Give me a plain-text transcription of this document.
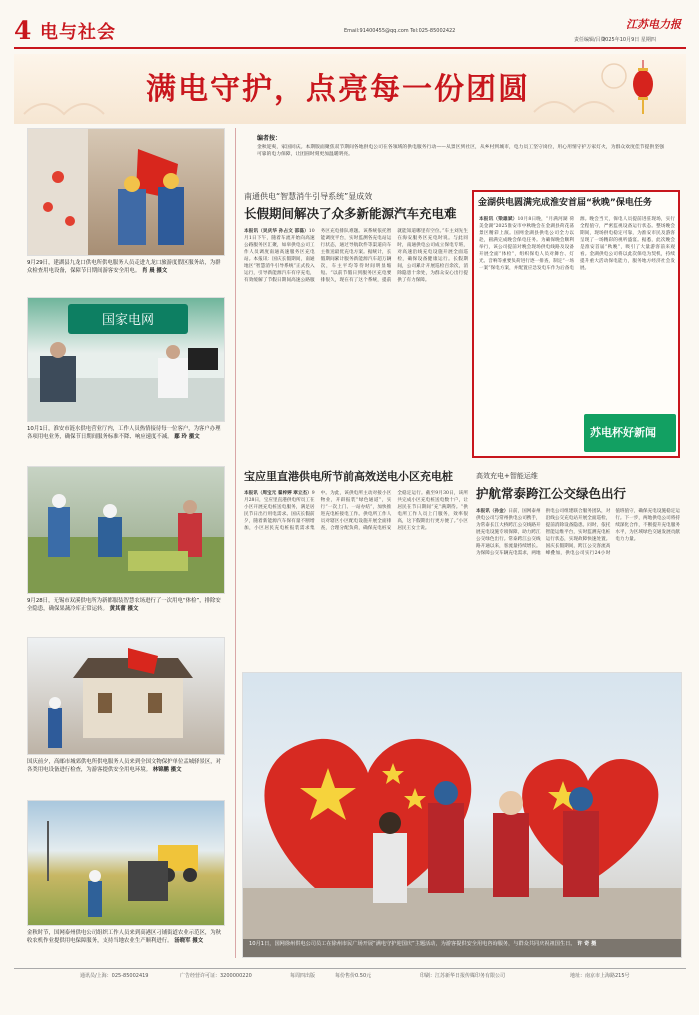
4 电与社会	Email:91400455@qq.com Tel:025-85002422
责任编辑/吕羚
2025年10月9日 星期四
江苏电力报
满电守护，点亮每一份团圆
编者按：
金秋迎爽，家国同庆。本期版面聚焦双节期间各地供电公司在各领域的供电服务行动——从景区到社区，从乡村到城市，电力员工坚守岗位，用心用情守护万家灯火，为群众欢度佳节提供坚强可靠的电力保障，让团圆时刻更加温暖明亮。
9月29日，建湖县九龙口供电所供电服务人员走进九龙口旅游度假区服务站，为群众检查用电设备，保障节日期间游客安全用电。 肖 晨 摄文
国家电网
10月1日，淮安市涟水供电营业厅内，工作人员热情接待每一位客户，为客户办理各项用电业务，确保节日期间服务标准不降、响应速度不减。 鄢 玲 摄文
9月28日，无锡市双溪供电所为新都服装智慧农场进行了一次用电“体检”，排除安全隐患，确保果蔬冷库正常运转。 黄其蕾 摄文
国庆前夕，高邮市城郊供电所供电服务人员来到全国文物保护单位盂城驿景区，对各类用电设备进行检查，为游客提供安全用电环境。 林锦鹏 摄文
金秋时节，国网泰州供电公司组织工作人员来到高港区刁铺街道农业示范区，为秋收农机作业提供用电保障服务，支持当地农业生产顺利进行。 汤晓军 摄文
南通供电“智慧消牛引导系统”显成效
长假期间解决了众多新能源汽车充电难
本报讯（吴庆华 孙占文 邵磊）10月1日下午，随着车流开始向高速公路服务区汇聚，如皋供电公司工作人员调度南通高速服务区充电站。本报讯：国庆长假期间，南通地区“智慧消牛引导系统”正式投入运行，引导新能源汽车有序充电，有效缓解了节假日期间高速公路服务区充电排队难题。该系统依托智能调度平台，实时监测各充电站运行状态，通过导航软件等渠道向车主推送最优充电方案。据统计，长假期间累计服务新能源汽车超万辆次，车主平均等待时间明显缩短。“以前节假日到服务区充电要排很久，现在有了这个系统，提前就能知道哪里有空位。”车主刘先生在海安服务区充电时说。与此同时，南通供电公司成立保电专班，对高速沿线充电设施开展全面巡检，确保设备健康运行。长假期间，公司累计开展巡检百余次，消除隐患十余处，为群众安心出行提供了有力保障。
金湖供电圆满完成淮安首届“秋晚”保电任务
本报讯（梁雄斌）10月8日晚，“月满河湖 荷美金湖”2025淮安市中秋晚会在金湖县荷花荡景区精彩上演。国网金湖县供电公司全力以赴，圆满完成晚会保电任务。为确保晚会顺利举行，该公司提前对晚会现场供电线路及设备开展全面“体检”，组织保电人员对舞台、灯光、音响等重要负荷进行逐一排查，制定“一场一案”保电方案，并配置应急发电车作为后备电源。晚会当天，保电人员提前进驻现场，实行全程值守，严密监视设备运行状态。整场晚会期间，现场供电稳定可靠，为淮安市民及游客呈现了一场精彩的视听盛宴。据悉，此次晚会是淮安首届“秋晚”，吸引了大量游客前来观看。金湖供电公司将以此次保电为契机，持续提升重大活动保电能力，服务地方经济社会发展。
苏电杯好新闻
宝应里直港供电所节前高效送电小区充电桩
本报讯（周宝元 翟梓婷 翠立杰）9月28日，宝应里直港供电所员工在小区开展充电桩送电服务，满足居民节日出行用电需求。国庆长假前夕，随着新能源汽车保有量不断增加，小区居民充电桩报装需求集中。为此，该供电所主动对接小区物业，开辟报装“绿色通道”，实行“一次上门、一站办结”，加快推进充电桩接电工作。供电所工作人员对辖区小区配电设施开展全面排查，合理分配负荷，确保充电桩安全稳定运行。截至9月30日，该所共完成小区充电桩送电数十户，让居民在节日期间“充”满期待。“供电所工作人员上门服务，效率很高，这下假期出行更方便了。”小区居民王女士说。
高效充电+智能运维
护航常泰跨江公交绿色出行
本报讯（孙金）日前，国网泰州供电公司与常州供电公司携手，为常泰长江大桥跨江公交线路开展充电设施专项保障，助力跨江公交绿色出行。常泰跨江公交线路开通以来，客流量持续增长。为保障公交车辆充电需求，两地供电公司组建联合服务团队，对沿线公交充电站开展全面巡检，提前消除设备隐患。同时，依托智能运维平台，实时监测充电桩运行状态，实现故障快速处置。国庆长假期间，跨江公交客流高峰叠加，供电公司实行24小时值班值守，确保充电设施稳定运行。下一步，两地供电公司将持续深化合作，不断提升充电服务水平，为区域绿色交通发展贡献电力力量。
10月1日，国网徐州供电公司员工在徐州市民广场开展“满电守护迎国庆”主题活动，为游客提供安全用电咨询服务，与群众共同庆祝祖国生日。 许 奇 摄
通讯员/上海：025-85002419	广告经营许可证：3200000220	每周四出版	每份售价0.50元	印刷：江苏新华日报传媒印务有限公司	地址：南京市上海路215号
